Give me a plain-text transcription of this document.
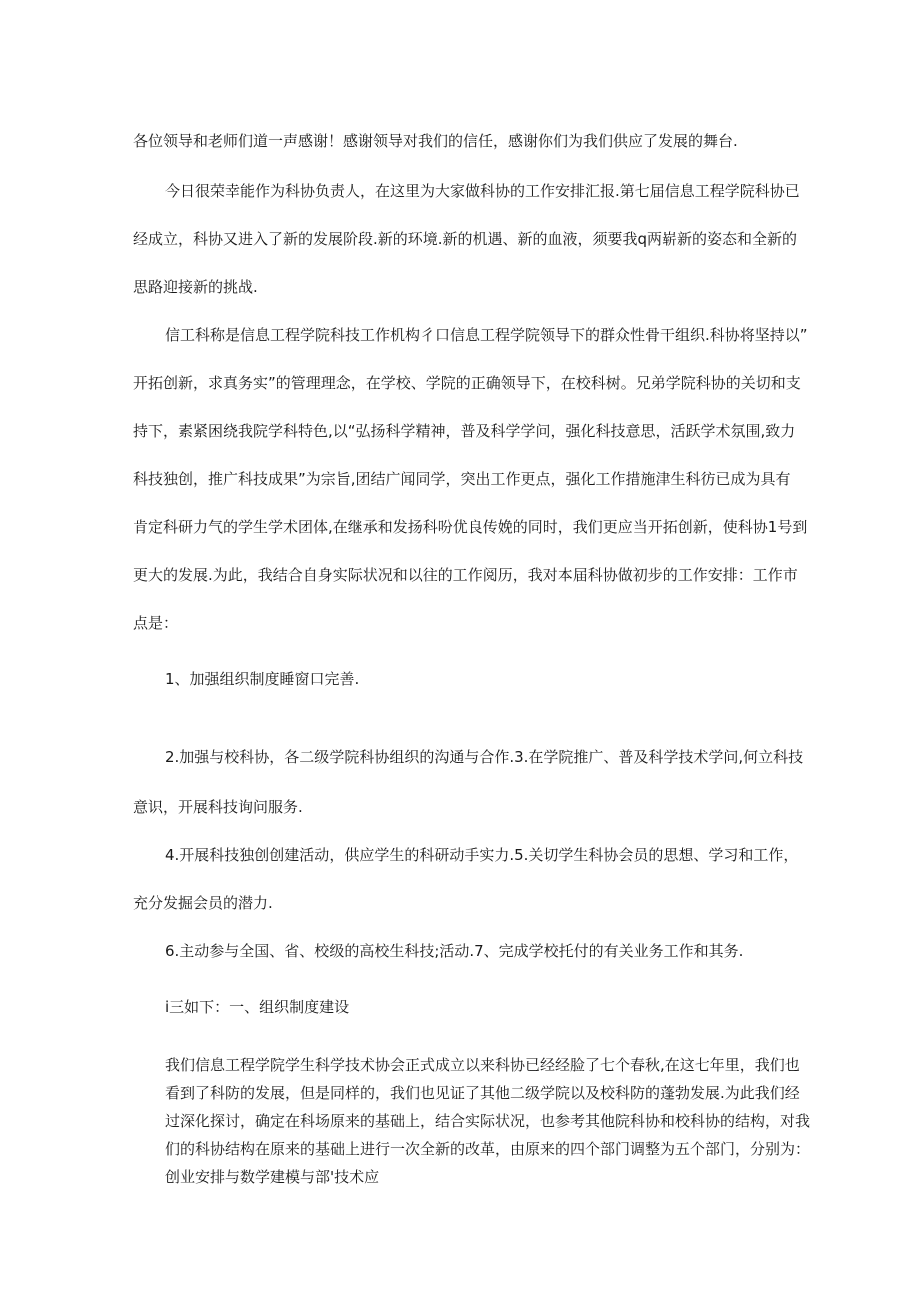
各位领导和老师们道一声感谢！感谢领导对我们的信任，感谢你们为我们供应了发展的舞台.
今日很荣幸能作为科协负责人，在这里为大家做科协的工作安排汇报.第七届信息工程学院科协已
经成立，科协又进入了新的发展阶段.新的环境.新的机遇、新的血液，须要我q两崭新的姿态和全新的
思路迎接新的挑战.
信工科称是信息工程学院科技工作机构彳口信息工程学院领导下的群众性骨干组织.科协将坚持以”
开拓创新，求真务实”的管理理念，在学校、学院的正确领导下，在校科树。兄弟学院科协的关切和支
持下，素紧困绕我院学科特色,以“弘扬科学精神，普及科学学问，强化科技意思，活跃学术氛围,致力
科技独创，推广科技成果”为宗旨,团结广闻同学，突出工作更点，强化工作措施津生科彷已成为具有
肯定科研力气的学生学术团体,在继承和发扬科吩优良传娩的同时，我们更应当开拓创新，使科协1号到
更大的发展.为此，我结合自身实际状况和以往的工作阅历，我对本届科协做初步的工作安排：工作市
点是：
1、加强组织制度睡窗口完善.
2.加强与校科协，各二级学院科协组织的沟通与合作.3.在学院推广、普及科学技术学问,何立科技
意识，开展科技询问服务.
4.开展科技独创创建活动，供应学生的科研动手实力.5.关切学生科协会员的思想、学习和工作，
充分发掘会员的潜力.
6.主动参与全国、省、校级的高校生科技;活动.7、完成学校托付的有关业务工作和其务.
i三如下：一、组织制度建设
我们信息工程学院学生科学技术协会正式成立以来科协已经经脸了七个春秋,在这七年里，我们也
看到了科防的发展，但是同样的，我们也见证了其他二级学院以及校科防的蓬勃发展.为此我们经
过深化探讨，确定在科场原来的基础上，结合实际状况，也参考其他院科协和校科协的结构，对我
们的科协结构在原来的基础上进行一次全新的改革，由原来的四个部门调整为五个部门，分别为：
创业安排与数学建模与部'技术应
